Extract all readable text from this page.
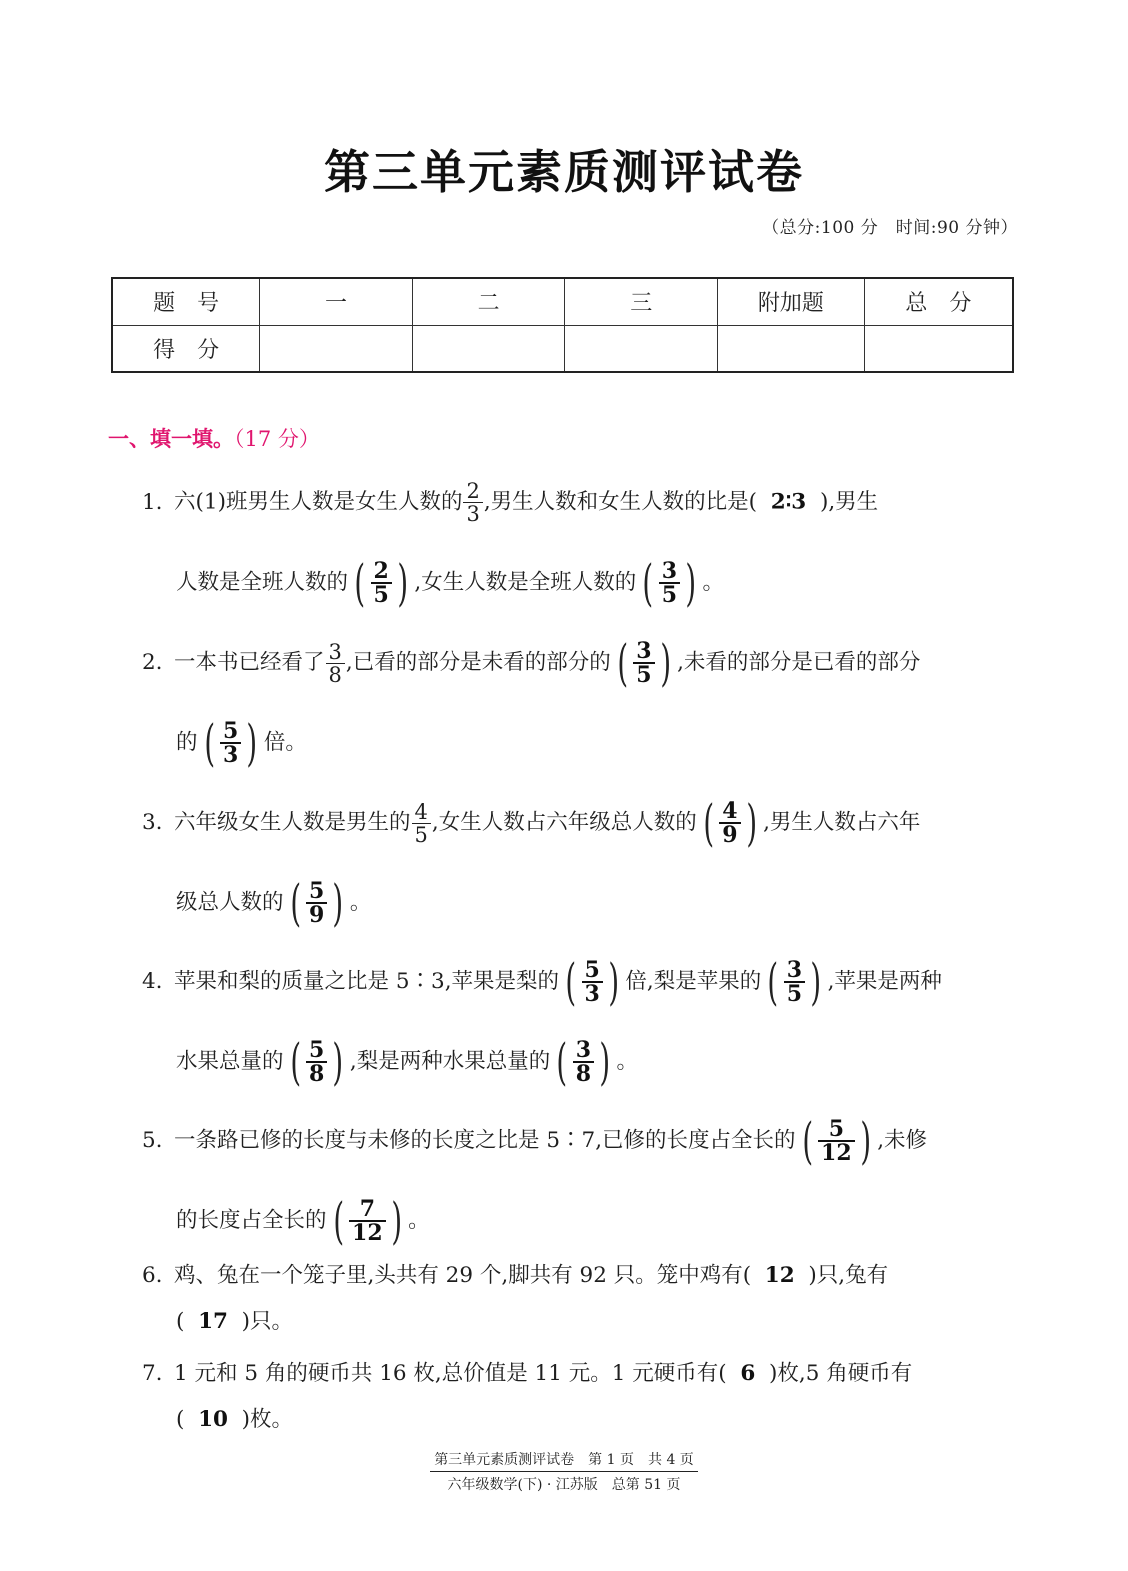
第三单元素质测评试卷
（总分:100 分　时间:90 分钟）
题　号	一	二	三	附加题	总　分
得　分					
一、填一填。（17 分）
1. 六(1)班男生人数是女生人数的 $\frac{2}{3}$ ,男生人数和女生人数的比是( 2∶3 ),男生
人数是全班人数的 ( $\frac{2}{5}$ ) ,女生人数是全班人数的 ( $\frac{3}{5}$ ) 。
2. 一本书已经看了 $\frac{3}{8}$ ,已看的部分是未看的部分的 ( $\frac{3}{5}$ ) ,未看的部分是已看的部分
的 ( $\frac{5}{3}$ ) 倍。
3. 六年级女生人数是男生的 $\frac{4}{5}$ ,女生人数占六年级总人数的 ( $\frac{4}{9}$ ) ,男生人数占六年
级总人数的 ( $\frac{5}{9}$ ) 。
4. 苹果和梨的质量之比是 5∶3,苹果是梨的 ( $\frac{5}{3}$ ) 倍,梨是苹果的 ( $\frac{3}{5}$ ) ,苹果是两种
水果总量的 ( $\frac{5}{8}$ ) ,梨是两种水果总量的 ( $\frac{3}{8}$ ) 。
5. 一条路已修的长度与未修的长度之比是 5∶7,已修的长度占全长的 ( $\frac{5}{12}$ ) ,未修
的长度占全长的 ( $\frac{7}{12}$ ) 。
6. 鸡、兔在一个笼子里,头共有 29 个,脚共有 92 只。笼中鸡有( 12 )只,兔有
( 17 )只。
7. 1 元和 5 角的硬币共 16 枚,总价值是 11 元。1 元硬币有( 6 )枚,5 角硬币有
( 10 )枚。
第三单元素质测评试卷　第 1 页　共 4 页
六年级数学(下) · 江苏版　总第 51 页
